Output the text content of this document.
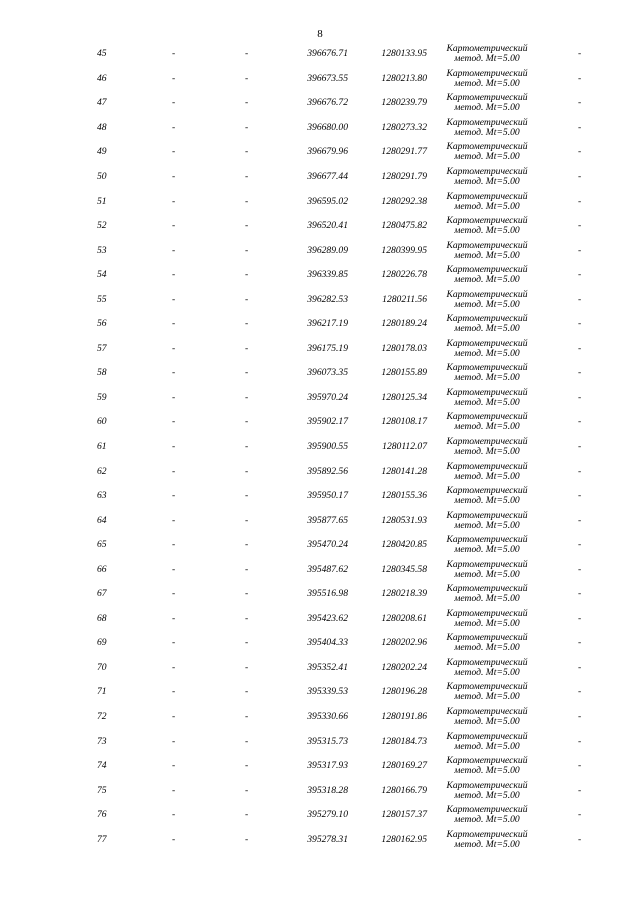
8
45	-	-	396676.71	1280133.95	Картометрический
метод. Mt=5.00	-
46	-	-	396673.55	1280213.80	Картометрический
метод. Mt=5.00	-
47	-	-	396676.72	1280239.79	Картометрический
метод. Mt=5.00	-
48	-	-	396680.00	1280273.32	Картометрический
метод. Mt=5.00	-
49	-	-	396679.96	1280291.77	Картометрический
метод. Mt=5.00	-
50	-	-	396677.44	1280291.79	Картометрический
метод. Mt=5.00	-
51	-	-	396595.02	1280292.38	Картометрический
метод. Mt=5.00	-
52	-	-	396520.41	1280475.82	Картометрический
метод. Mt=5.00	-
53	-	-	396289.09	1280399.95	Картометрический
метод. Mt=5.00	-
54	-	-	396339.85	1280226.78	Картометрический
метод. Mt=5.00	-
55	-	-	396282.53	1280211.56	Картометрический
метод. Mt=5.00	-
56	-	-	396217.19	1280189.24	Картометрический
метод. Mt=5.00	-
57	-	-	396175.19	1280178.03	Картометрический
метод. Mt=5.00	-
58	-	-	396073.35	1280155.89	Картометрический
метод. Mt=5.00	-
59	-	-	395970.24	1280125.34	Картометрический
метод. Mt=5.00	-
60	-	-	395902.17	1280108.17	Картометрический
метод. Mt=5.00	-
61	-	-	395900.55	1280112.07	Картометрический
метод. Mt=5.00	-
62	-	-	395892.56	1280141.28	Картометрический
метод. Mt=5.00	-
63	-	-	395950.17	1280155.36	Картометрический
метод. Mt=5.00	-
64	-	-	395877.65	1280531.93	Картометрический
метод. Mt=5.00	-
65	-	-	395470.24	1280420.85	Картометрический
метод. Mt=5.00	-
66	-	-	395487.62	1280345.58	Картометрический
метод. Mt=5.00	-
67	-	-	395516.98	1280218.39	Картометрический
метод. Mt=5.00	-
68	-	-	395423.62	1280208.61	Картометрический
метод. Mt=5.00	-
69	-	-	395404.33	1280202.96	Картометрический
метод. Mt=5.00	-
70	-	-	395352.41	1280202.24	Картометрический
метод. Mt=5.00	-
71	-	-	395339.53	1280196.28	Картометрический
метод. Mt=5.00	-
72	-	-	395330.66	1280191.86	Картометрический
метод. Mt=5.00	-
73	-	-	395315.73	1280184.73	Картометрический
метод. Mt=5.00	-
74	-	-	395317.93	1280169.27	Картометрический
метод. Mt=5.00	-
75	-	-	395318.28	1280166.79	Картометрический
метод. Mt=5.00	-
76	-	-	395279.10	1280157.37	Картометрический
метод. Mt=5.00	-
77	-	-	395278.31	1280162.95	Картометрический
метод. Mt=5.00	-
